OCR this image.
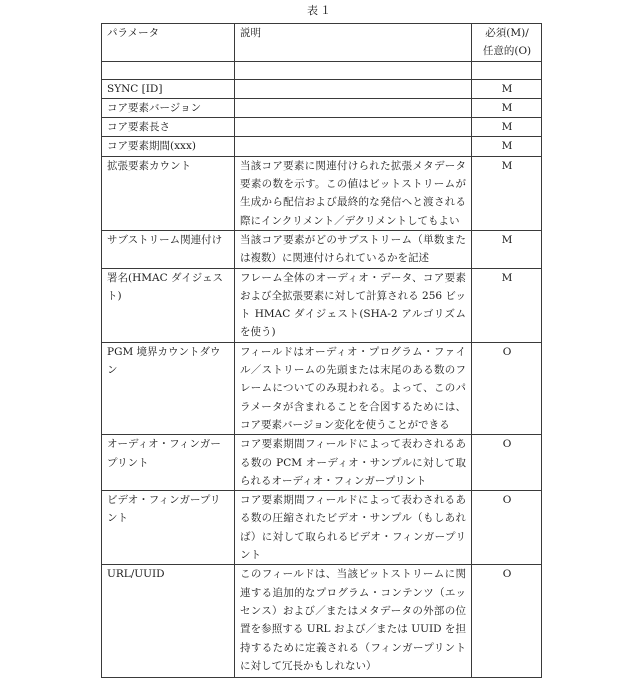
表１
パラメータ	説明	必須(M)/
任意的(O)

SYNC [ID]		M
コア要素バージョン		M
コア要素長さ		M
コア要素期間(xxx)		M
拡張要素カウント	当該コア要素に関連付けられた拡張メタデータ要素の数を示す。この値はビットストリームが生成から配信および最終的な発信へと渡される際にインクリメント／デクリメントしてもよい	M
サブストリーム関連付け	当該コア要素がどのサブストリーム（単数または複数）に関連付けられているかを記述	M
署名(HMAC ダイジェスト)	フレーム全体のオーディオ・データ、コア要素および全拡張要素に対して計算される 256 ビット HMAC ダイジェスト(SHA-2 アルゴリズムを使う)	M
PGM 境界カウントダウン	フィールドはオーディオ・プログラム・ファイル／ストリームの先頭または末尾のある数のフレームについてのみ現われる。よって、このパラメータが含まれることを合図するためには、コア要素バージョン変化を使うことができる	O
オーディオ・フィンガープリント	コア要素期間フィールドによって表わされるある数の PCM オーディオ・サンプルに対して取られるオーディオ・フィンガープリント	O
ビデオ・フィンガープリント	コア要素期間フィールドによって表わされるある数の圧縮されたビデオ・サンプル（もしあれば）に対して取られるビデオ・フィンガープリント	O
URL/UUID	このフィールドは、当該ビットストリームに関連する追加的なプログラム・コンテンツ（エッセンス）および／またはメタデータの外部の位置を参照する URL および／または UUID を担持するために定義される（フィンガープリントに対して冗長かもしれない）	O
